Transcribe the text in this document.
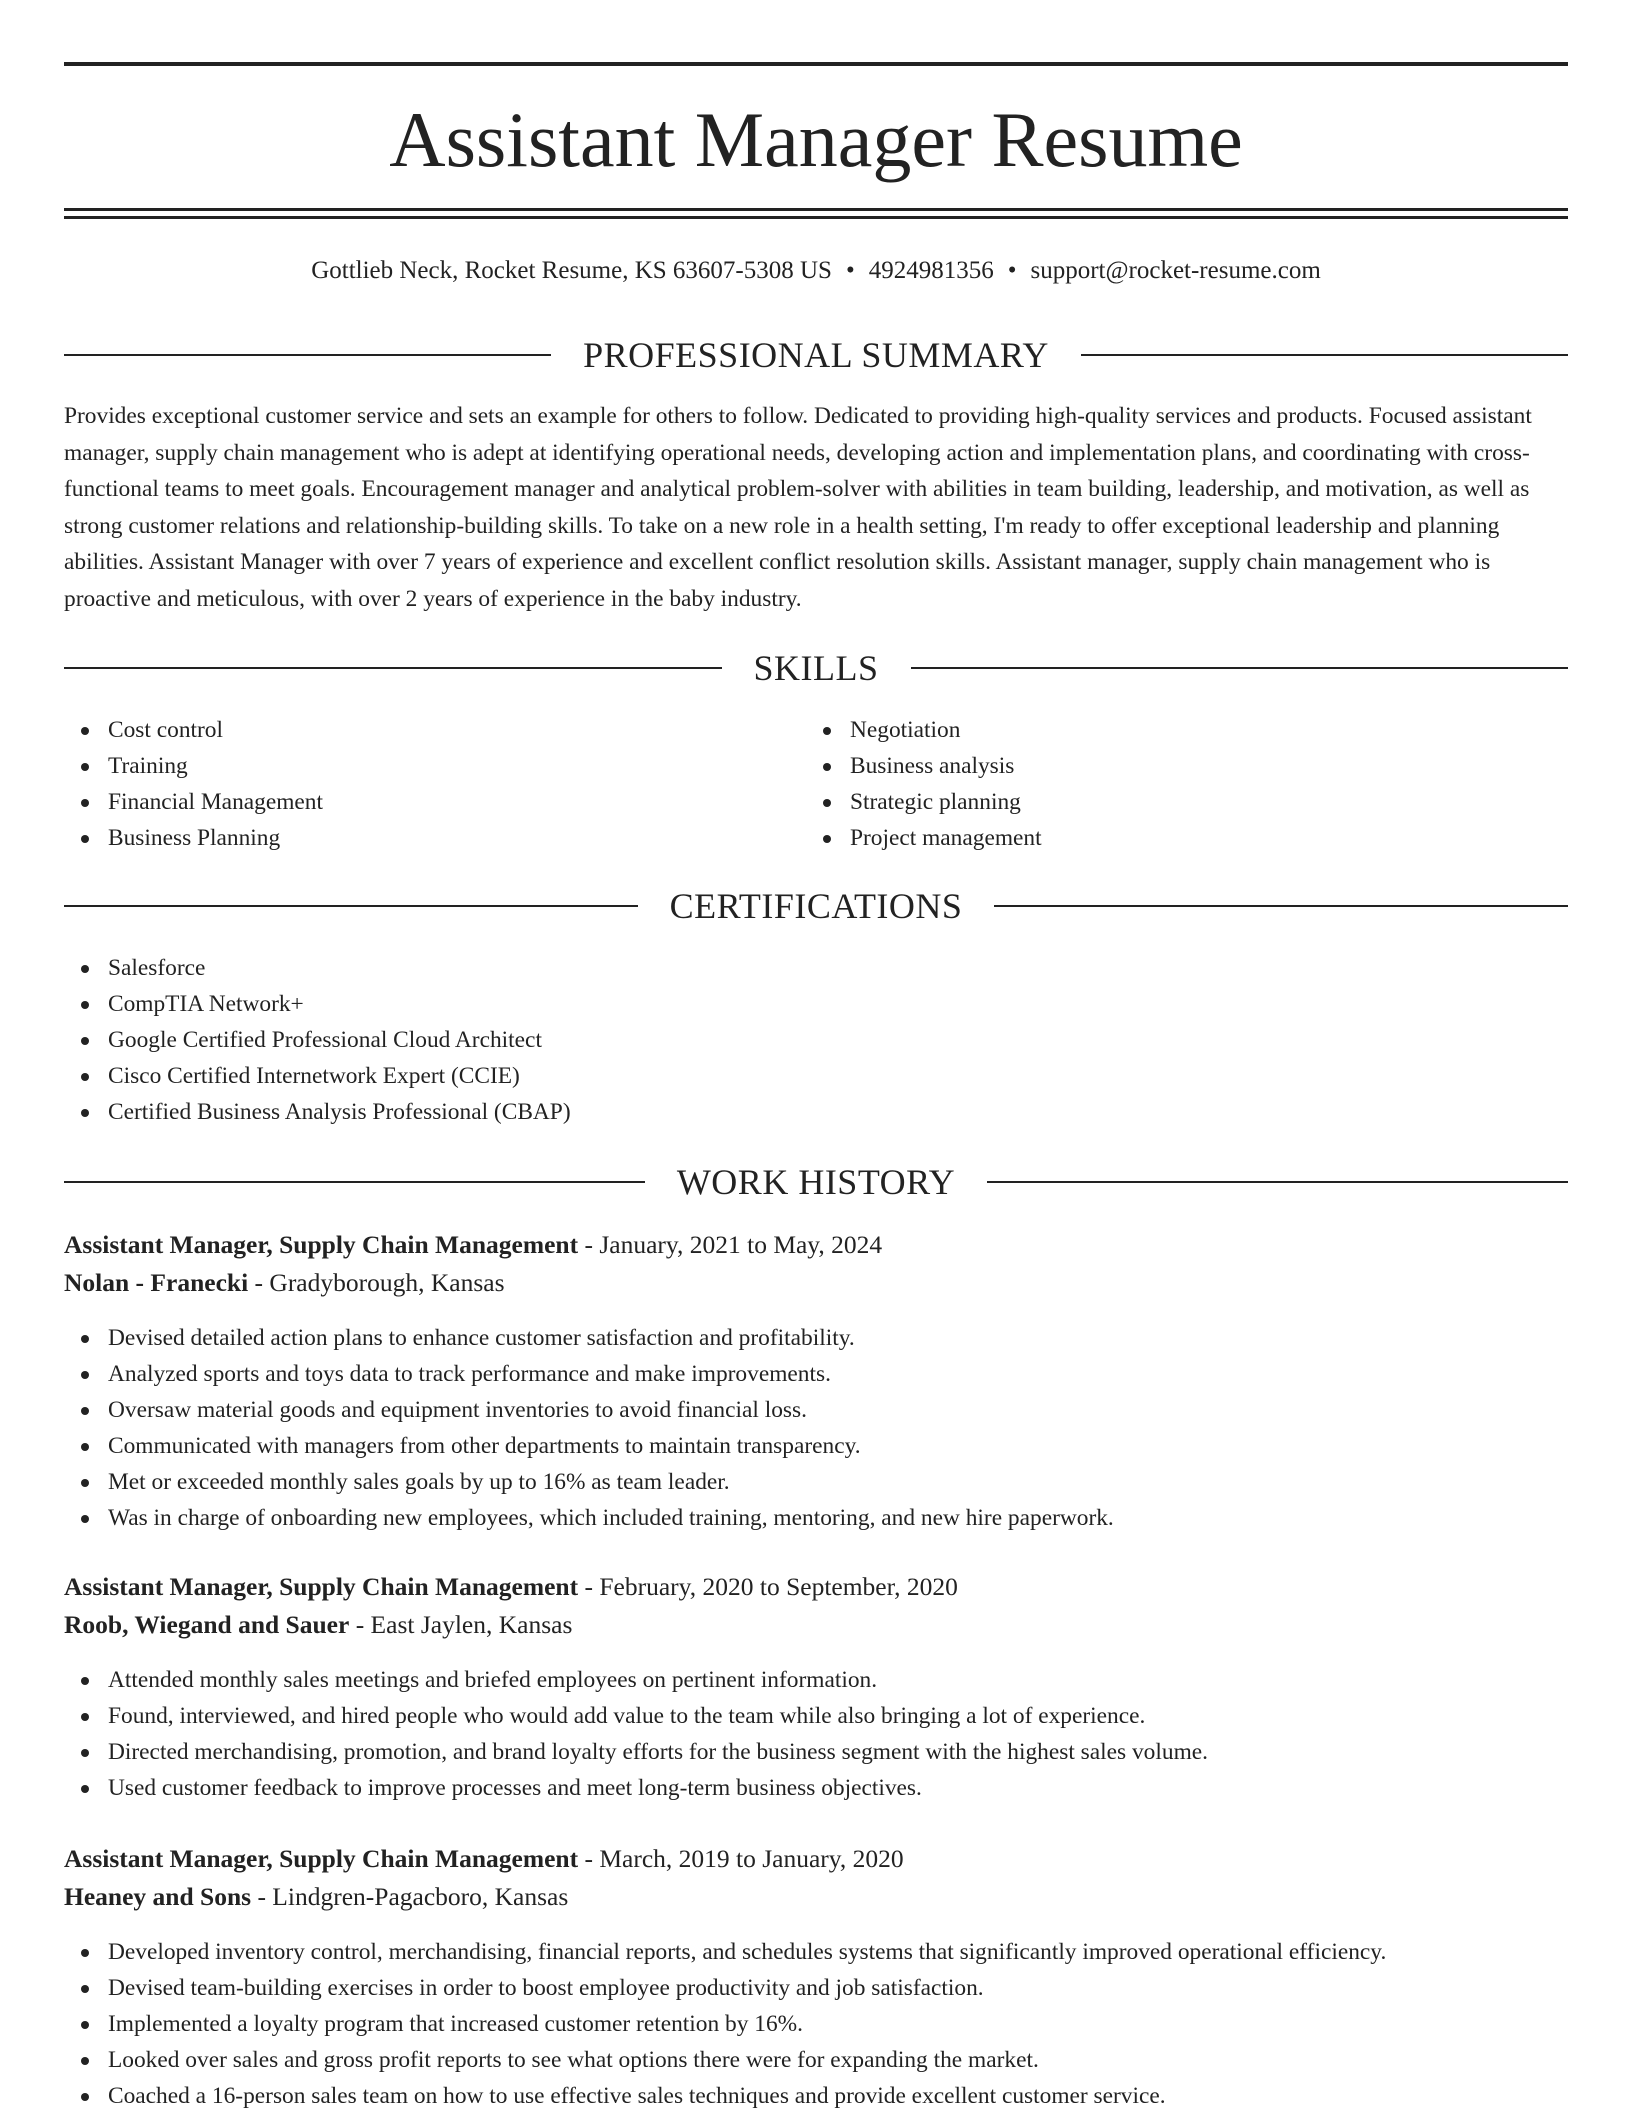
Assistant Manager Resume
Gottlieb Neck, Rocket Resume, KS 63607-5308 US • 4924981356 • support@rocket-resume.com
PROFESSIONAL SUMMARY
Provides exceptional customer service and sets an example for others to follow. Dedicated to providing high-quality services and products. Focused assistant manager, supply chain management who is adept at identifying operational needs, developing action and implementation plans, and coordinating with cross-functional teams to meet goals. Encouragement manager and analytical problem-solver with abilities in team building, leadership, and motivation, as well as strong customer relations and relationship-building skills. To take on a new role in a health setting, I'm ready to offer exceptional leadership and planning abilities. Assistant Manager with over 7 years of experience and excellent conflict resolution skills. Assistant manager, supply chain management who is proactive and meticulous, with over 2 years of experience in the baby industry.
SKILLS
Cost control
Training
Financial Management
Business Planning
Negotiation
Business analysis
Strategic planning
Project management
CERTIFICATIONS
Salesforce
CompTIA Network+
Google Certified Professional Cloud Architect
Cisco Certified Internetwork Expert (CCIE)
Certified Business Analysis Professional (CBAP)
WORK HISTORY
Assistant Manager, Supply Chain Management - January, 2021 to May, 2024
Nolan - Franecki - Gradyborough, Kansas
Devised detailed action plans to enhance customer satisfaction and profitability.
Analyzed sports and toys data to track performance and make improvements.
Oversaw material goods and equipment inventories to avoid financial loss.
Communicated with managers from other departments to maintain transparency.
Met or exceeded monthly sales goals by up to 16% as team leader.
Was in charge of onboarding new employees, which included training, mentoring, and new hire paperwork.
Assistant Manager, Supply Chain Management - February, 2020 to September, 2020
Roob, Wiegand and Sauer - East Jaylen, Kansas
Attended monthly sales meetings and briefed employees on pertinent information.
Found, interviewed, and hired people who would add value to the team while also bringing a lot of experience.
Directed merchandising, promotion, and brand loyalty efforts for the business segment with the highest sales volume.
Used customer feedback to improve processes and meet long-term business objectives.
Assistant Manager, Supply Chain Management - March, 2019 to January, 2020
Heaney and Sons - Lindgren-Pagacboro, Kansas
Developed inventory control, merchandising, financial reports, and schedules systems that significantly improved operational efficiency.
Devised team-building exercises in order to boost employee productivity and job satisfaction.
Implemented a loyalty program that increased customer retention by 16%.
Looked over sales and gross profit reports to see what options there were for expanding the market.
Coached a 16-person sales team on how to use effective sales techniques and provide excellent customer service.
